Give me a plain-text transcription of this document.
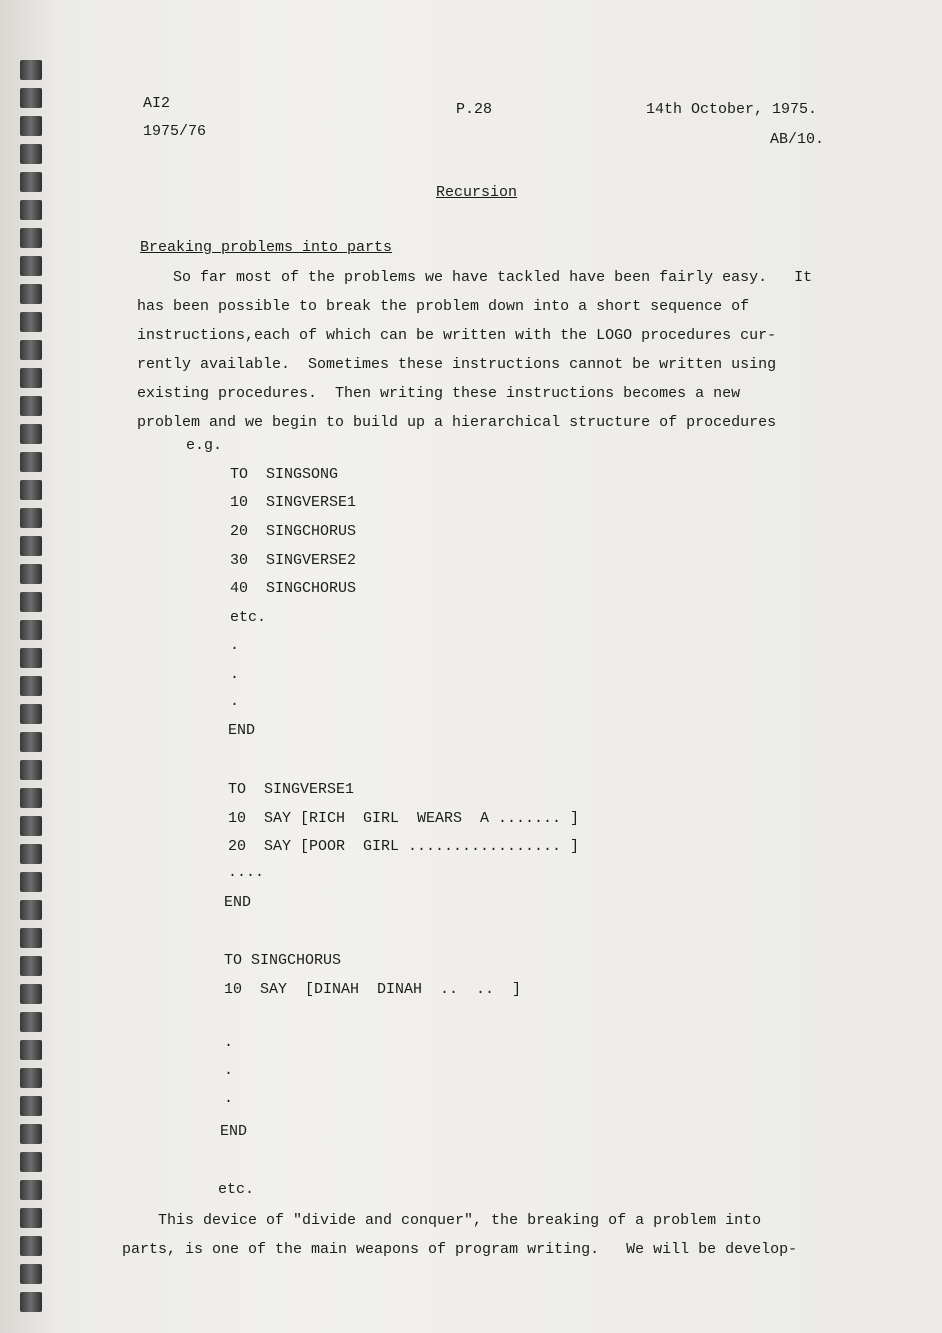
AI2
1975/76
P.28	14th October, 1975.
AB/10.
Recursion
Breaking problems into parts

So far most of the problems we have tackled have been fairly easy.   It

has been possible to break the problem down into a short sequence of

instructions,each of which can be written with the LOGO procedures cur-

rently available.  Sometimes these instructions cannot be written using

existing procedures.  Then writing these instructions becomes a new

problem and we begin to build up a hierarchical structure of procedures

e.g.
TO  SINGSONG
10  SINGVERSE1
20  SINGCHORUS
30  SINGVERSE2
40  SINGCHORUS
etc.
.
.
.
END
TO  SINGVERSE1
10  SAY [RICH  GIRL  WEARS  A ....... ]
20  SAY [POOR  GIRL ................. ]
....
END
TO SINGCHORUS
10  SAY  [DINAH  DINAH  ..  ..  ]
.
.
.
END
etc.

This device of "divide and conquer", the breaking of a problem into

parts, is one of the main weapons of program writing.   We will be develop-
